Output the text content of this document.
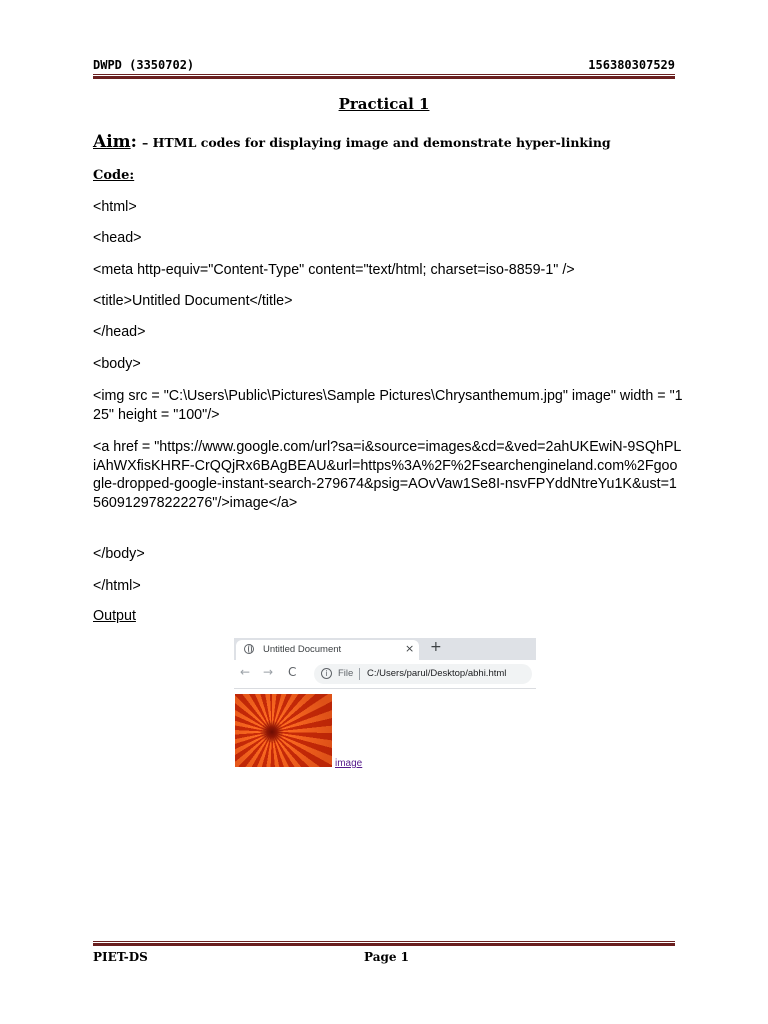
DWPD (3350702)	156380307529
Practical 1
Aim: – HTML codes for displaying image and demonstrate hyper-linking
Code:
<html>
<head>
<meta http-equiv="Content-Type" content="text/html; charset=iso-8859-1" />
<title>Untitled Document</title>
</head>
<body>
<img src = "C:\Users\Public\Pictures\Sample Pictures\Chrysanthemum.jpg" image" width = "125" height = "100"/>
<a href = "https://www.google.com/url?sa=i&source=images&cd=&ved=2ahUKEwiN-9SQhPLiAhWXfisKHRF-CrQQjRx6BAgBEAU&url=https%3A%2F%2Fsearchengineland.com%2Fgoogle-dropped-google-instant-search-279674&psig=AOvVaw1Se8I-nsvFPYddNtreYu1K&ust=1560912978222276"/>image</a>
</body>
</html>
Output
Untitled Document	× +
← → C	i	File C:/Users/parul/Desktop/abhi.html
image
PIET-DS	Page 1
